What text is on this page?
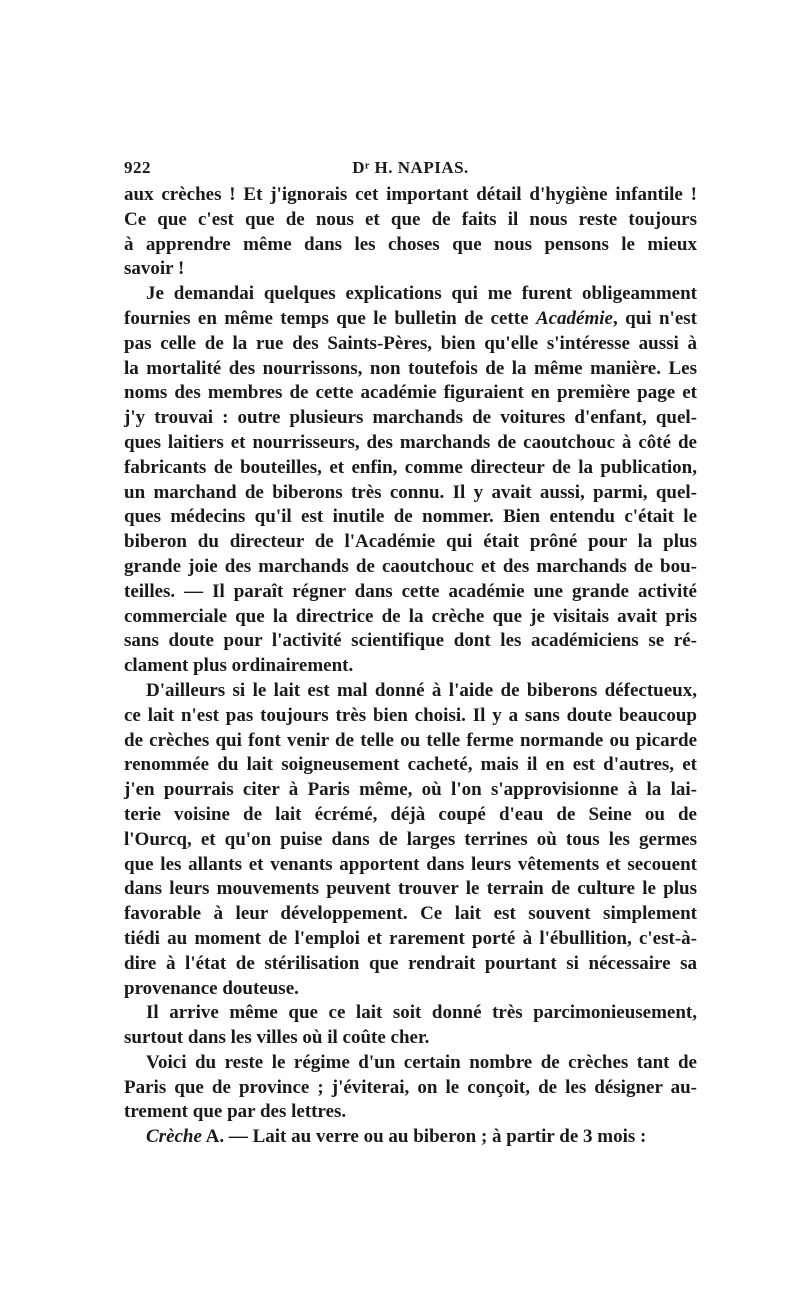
922	Dʳ H. NAPIAS.
aux crèches ! Et j'ignorais cet important détail d'hygiène infantile !
Ce que c'est que de nous et que de faits il nous reste toujours
à apprendre même dans les choses que nous pensons le mieux
savoir !
Je demandai quelques explications qui me furent obligeamment
fournies en même temps que le bulletin de cette Académie, qui n'est
pas celle de la rue des Saints-Pères, bien qu'elle s'intéresse aussi à
la mortalité des nourrissons, non toutefois de la même manière. Les
noms des membres de cette académie figuraient en première page et
j'y trouvai : outre plusieurs marchands de voitures d'enfant, quel-
ques laitiers et nourrisseurs, des marchands de caoutchouc à côté de
fabricants de bouteilles, et enfin, comme directeur de la publication,
un marchand de biberons très connu. Il y avait aussi, parmi, quel-
ques médecins qu'il est inutile de nommer. Bien entendu c'était le
biberon du directeur de l'Académie qui était prôné pour la plus
grande joie des marchands de caoutchouc et des marchands de bou-
teilles. — Il paraît régner dans cette académie une grande activité
commerciale que la directrice de la crèche que je visitais avait pris
sans doute pour l'activité scientifique dont les académiciens se ré-
clament plus ordinairement.
D'ailleurs si le lait est mal donné à l'aide de biberons défectueux,
ce lait n'est pas toujours très bien choisi. Il y a sans doute beaucoup
de crèches qui font venir de telle ou telle ferme normande ou picarde
renommée du lait soigneusement cacheté, mais il en est d'autres, et
j'en pourrais citer à Paris même, où l'on s'approvisionne à la lai-
terie voisine de lait écrémé, déjà coupé d'eau de Seine ou de
l'Ourcq, et qu'on puise dans de larges terrines où tous les germes
que les allants et venants apportent dans leurs vêtements et secouent
dans leurs mouvements peuvent trouver le terrain de culture le plus
favorable à leur développement. Ce lait est souvent simplement
tiédi au moment de l'emploi et rarement porté à l'ébullition, c'est-à-
dire à l'état de stérilisation que rendrait pourtant si nécessaire sa
provenance douteuse.
Il arrive même que ce lait soit donné très parcimonieusement,
surtout dans les villes où il coûte cher.
Voici du reste le régime d'un certain nombre de crèches tant de
Paris que de province ; j'éviterai, on le conçoit, de les désigner au-
trement que par des lettres.
Crèche A. — Lait au verre ou au biberon ; à partir de 3 mois :
